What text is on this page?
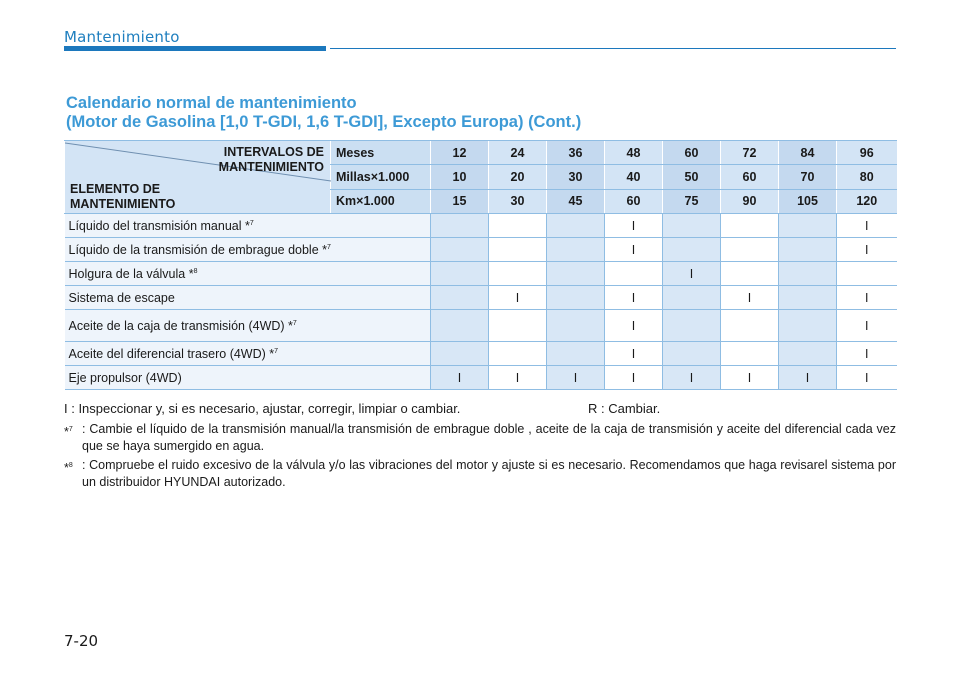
Mantenimiento
Calendario normal de mantenimiento
(Motor de Gasolina [1,0 T-GDI, 1,6 T-GDI], Excepto Europa) (Cont.)
INTERVALOS DE
MANTENIMIENTO
ELEMENTO DE
MANTENIMIENTO	Meses	12	24	36	48	60	72	84	96
	Millas×1.000	10	20	30	40	50	60	70	80
	Km×1.000	15	30	45	60	75	90	105	120
Líquido del transmisión manual *$^7$					I				I
Líquido de la transmisión de embrague doble *$^7$					I				I
Holgura de la válvula *$^8$						I			
Sistema de escape			I		I		I		I
Aceite de la caja de transmisión (4WD) *$^7$					I				I
Aceite del diferencial trasero (4WD) *$^7$					I				I
Eje propulsor (4WD)		I	I	I	I	I	I	I	I
I : Inspeccionar y, si es necesario, ajustar, corregir, limpiar o cambiar.	R : Cambiar.
*$^7$ : Cambie el líquido de la transmisión manual/la transmisión de embrague doble , aceite de la caja de transmisión y aceite del diferencial cada vez que se haya sumergido en agua.
*$^8$ : Compruebe el ruido excesivo de la válvula y/o las vibraciones del motor y ajuste si es necesario. Recomendamos que haga revisarel sistema por un distribuidor HYUNDAI autorizado.
7-20
